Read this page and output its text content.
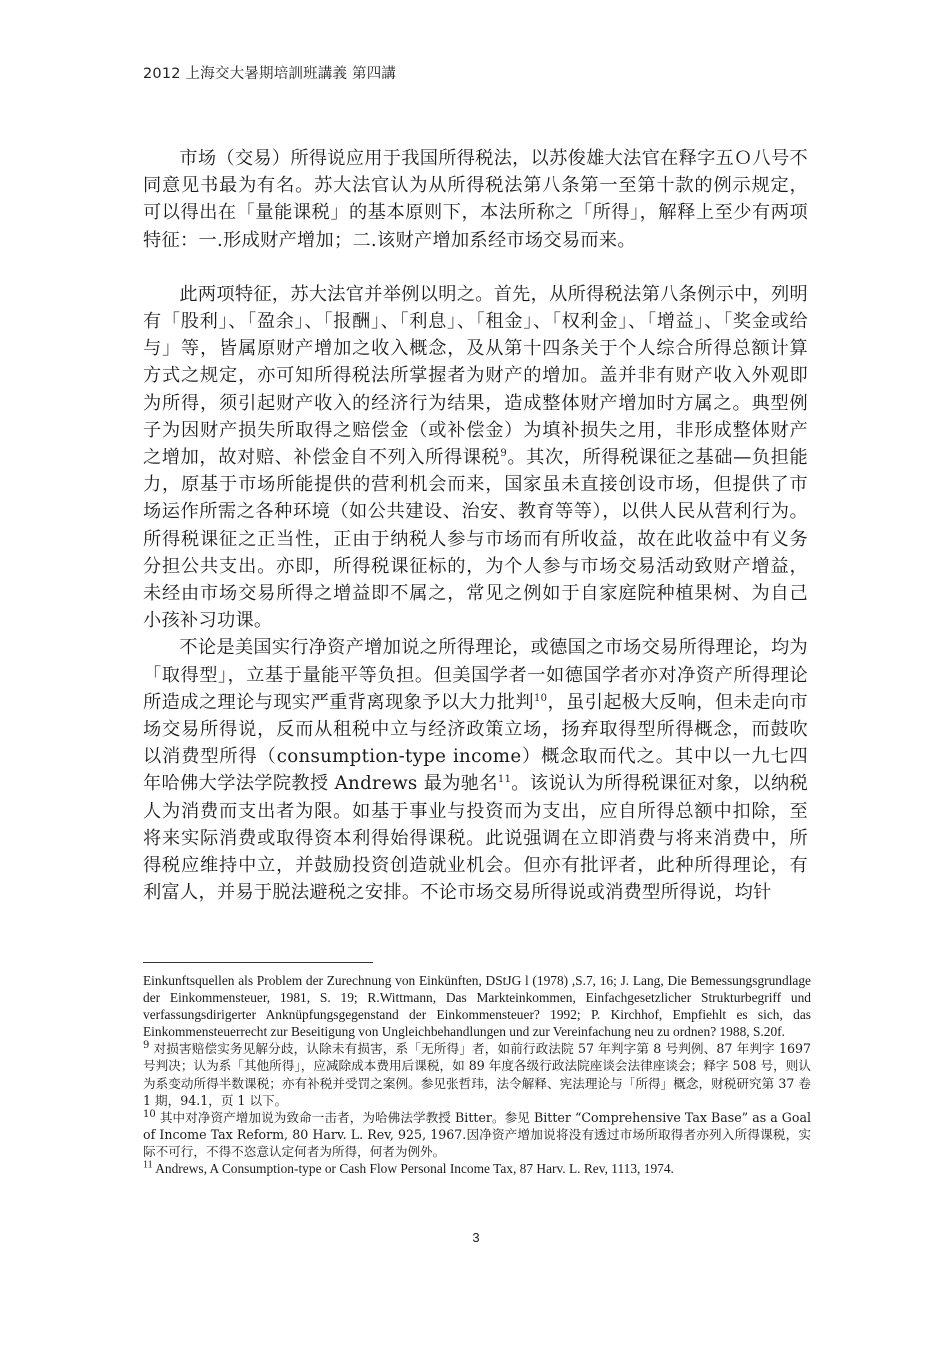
2012 上海交大暑期培訓班講義 第四講

市场（交易）所得说应用于我国所得税法，以苏俊雄大法官在释字五Ｏ八号不同意见书最为有名。苏大法官认为从所得税法第八条第一至第十款的例示规定，可以得出在「量能课税」的基本原则下，本法所称之「所得」，解释上至少有两项特征：一.形成财产增加；二.该财产增加系经市场交易而来。

此两项特征，苏大法官并举例以明之。首先，从所得税法第八条例示中，列明有「股利」、「盈余」、「报酬」、「利息」、「租金」、「权利金」、「增益」、「奖金或给与」等，皆属原财产增加之收入概念，及从第十四条关于个人综合所得总额计算方式之规定，亦可知所得税法所掌握者为财产的增加。盖并非有财产收入外观即为所得，须引起财产收入的经济行为结果，造成整体财产增加时方属之。典型例子为因财产损失所取得之赔偿金（或补偿金）为填补损失之用，非形成整体财产之增加，故对赔、补偿金自不列入所得课税$^9$。其次，所得税课征之基础—负担能力，原基于市场所能提供的营利机会而来，国家虽未直接创设市场，但提供了市场运作所需之各种环境（如公共建设、治安、教育等等），以供人民从营利行为。所得税课征之正当性，正由于纳税人参与市场而有所收益，故在此收益中有义务分担公共支出。亦即，所得税课征标的，为个人参与市场交易活动致财产增益，未经由市场交易所得之增益即不属之，常见之例如于自家庭院种植果树、为自己小孩补习功课。

不论是美国实行净资产增加说之所得理论，或德国之市场交易所得理论，均为「取得型」，立基于量能平等负担。但美国学者一如德国学者亦对净资产所得理论所造成之理论与现实严重背离现象予以大力批判$^{10}$，虽引起极大反响，但未走向市场交易所得说，反而从租税中立与经济政策立场，扬弃取得型所得概念，而鼓吹以消费型所得（consumption-type income）概念取而代之。其中以一九七四年哈佛大学法学院教授 Andrews 最为驰名$^{11}$。该说认为所得税课征对象，以纳税人为消费而支出者为限。如基于事业与投资而为支出，应自所得总额中扣除，至将来实际消费或取得资本利得始得课税。此说强调在立即消费与将来消费中，所得税应维持中立，并鼓励投资创造就业机会。但亦有批评者，此种所得理论，有利富人，并易于脱法避税之安排。不论市场交易所得说或消费型所得说，均针

Einkunftsquellen als Problem der Zurechnung von Einkünften, DStJG l (1978) ,S.7, 16; J. Lang, Die Bemessungsgrundlage der Einkommensteuer, 1981, S. 19; R.Wittmann, Das Markteinkommen, Einfachgesetzlicher Strukturbegriff und verfassungsdirigerter Anknüpfungsgegenstand der Einkommensteuer? 1992; P. Kirchhof, Empfiehlt es sich, das Einkommensteuerrecht zur Beseitigung von Ungleichbehandlungen und zur Vereinfachung neu zu ordnen? 1988, S.20f.

$^9$ 对损害赔偿实务见解分歧，认除未有损害，系「无所得」者，如前行政法院 57 年判字第 8 号判例、87 年判字 1697 号判决；认为系「其他所得」，应减除成本费用后课税，如 89 年度各级行政法院座谈会法律座谈会；释字 508 号，则认为系变动所得半数课税；亦有补税并受罚之案例。参见张哲玮，法令解释、宪法理论与「所得」概念，财税研究第 37 卷 1 期，94.1，页 1 以下。

$^{10}$ 其中对净资产增加说为致命一击者，为哈佛法学教授 Bitter。参见 Bitter “Comprehensive Tax Base” as a Goal of Income Tax Reform, 80 Harv. L. Rev, 925, 1967.因净资产增加说将没有透过市场所取得者亦列入所得课税，实际不可行，不得不恣意认定何者为所得，何者为例外。

$^{11}$ Andrews, A Consumption-type or Cash Flow Personal Income Tax, 87 Harv. L. Rev, 1113, 1974.

3
